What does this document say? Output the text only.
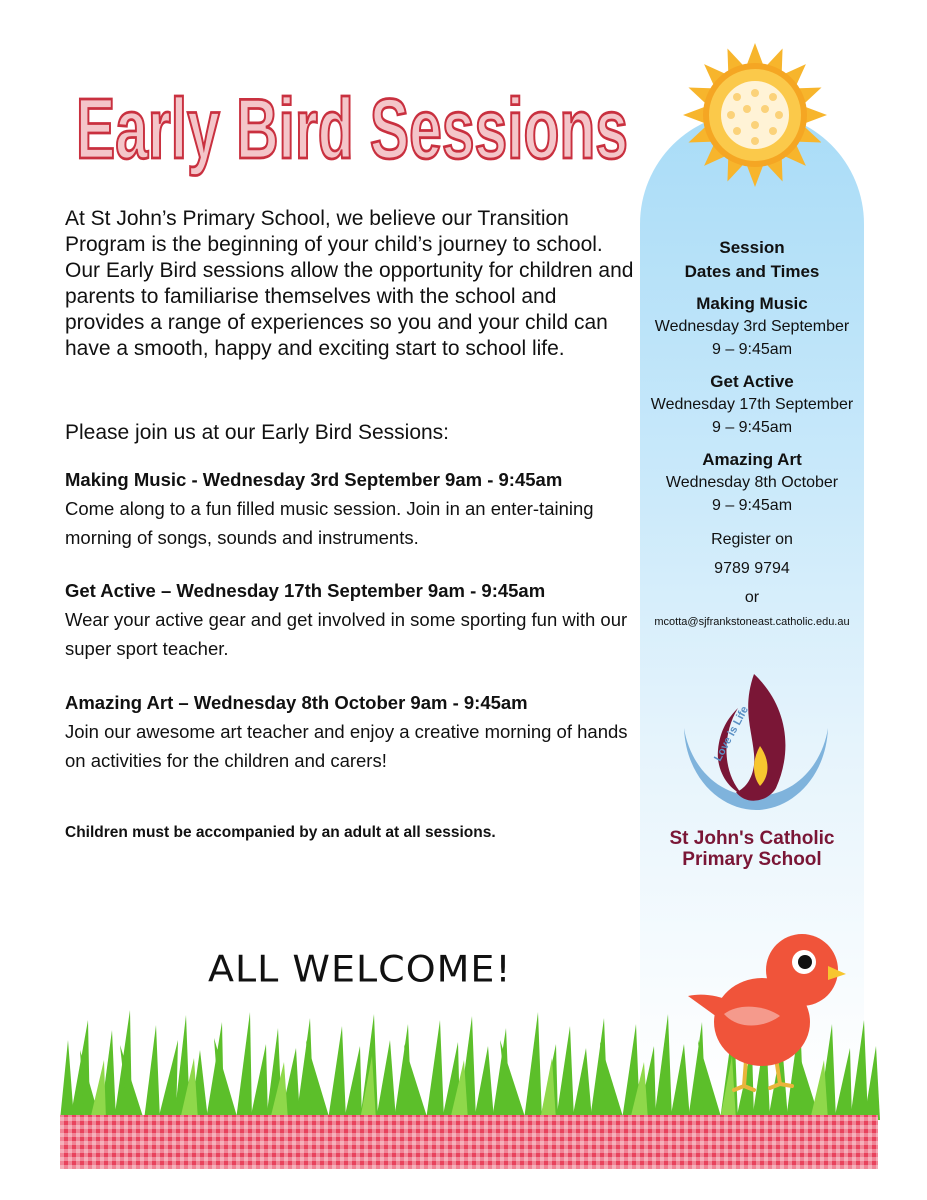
Early Bird Sessions
At St John’s Primary School, we believe our Transition Program is the beginning of your child’s journey to school. Our Early Bird sessions allow the opportunity for children and parents to familiarise themselves with the school and provides a range of experiences so you and your child can have a smooth, happy and exciting start to school life.
Please join us at our Early Bird Sessions:
Making Music - Wednesday 3rd September 9am - 9:45am
Come along to a fun filled music session. Join in an enter-taining morning of songs, sounds and instruments.
Get Active – Wednesday 17th September 9am - 9:45am
Wear your active gear and get involved in some sporting fun with our super sport teacher.
Amazing Art – Wednesday 8th October 9am - 9:45am
Join our awesome art teacher and enjoy a creative morning of hands on activities for the children and carers!
Children must be accompanied by an adult at all sessions.
ALL WELCOME!
Session
Dates and Times
Making Music
Wednesday 3rd September
9 – 9:45am
Get Active
Wednesday 17th September
9 – 9:45am
Amazing Art
Wednesday 8th October
9 – 9:45am
Register on
9789 9794
or
mcotta@sjfrankstoneast.catholic.edu.au
Love is Life
St John's Catholic
Primary School
